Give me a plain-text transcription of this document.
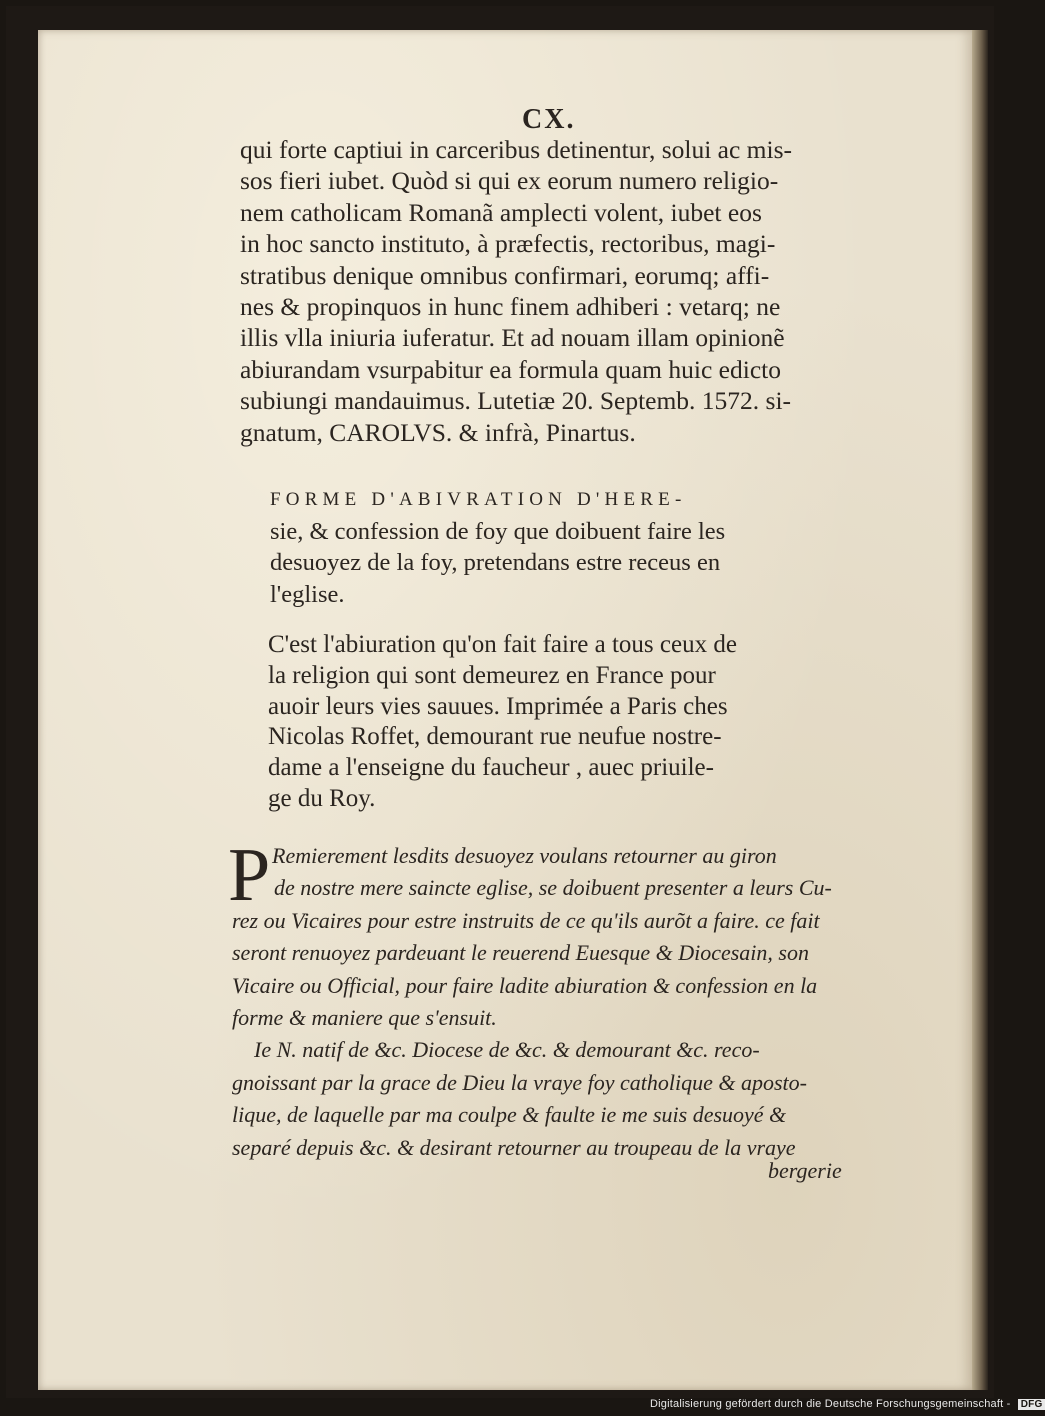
CX.
qui forte captiui in carceribus detinentur, solui ac mis-
sos fieri iubet. Quòd si qui ex eorum numero religio-
nem catholicam Romanã amplecti volent, iubet eos
in hoc sancto instituto, à præfectis, rectoribus, magi-
stratibus denique omnibus confirmari, eorumq; affi-
nes & propinquos in hunc finem adhiberi : vetarq; ne
illis vlla iniuria iuferatur. Et ad nouam illam opinionẽ
abiurandam vsurpabitur ea formula quam huic edicto
subiungi mandauimus. Lutetiæ 20. Septemb. 1572. si-
gnatum, CAROLVS. & infrà, Pinartus.
FORME D'ABIVRATION D'HERE-
sie, & confession de foy que doibuent faire les
desuoyez de la foy, pretendans estre receus en
l'eglise.
C'est l'abiuration qu'on fait faire a tous ceux de
la religion qui sont demeurez en France pour
auoir leurs vies sauues. Imprimée a Paris ches
Nicolas Roffet, demourant rue neufue nostre-
dame a l'enseigne du faucheur , auec priuile-
ge du Roy.
P Remierement lesdits desuoyez voulans retourner au giron
de nostre mere saincte eglise, se doibuent presenter a leurs Cu-
rez ou Vicaires pour estre instruits de ce qu'ils aurõt a faire. ce fait
seront renuoyez pardeuant le reuerend Euesque & Diocesain, son
Vicaire ou Official, pour faire ladite abiuration & confession en la
forme & maniere que s'ensuit.
Ie N. natif de &c. Diocese de &c. & demourant &c. reco-
gnoissant par la grace de Dieu la vraye foy catholique & aposto-
lique, de laquelle par ma coulpe & faulte ie me suis desuoyé &
separé depuis &c. & desirant retourner au troupeau de la vraye
bergerie
Digitalisierung gefördert durch die Deutsche Forschungsgemeinschaft - DFG
